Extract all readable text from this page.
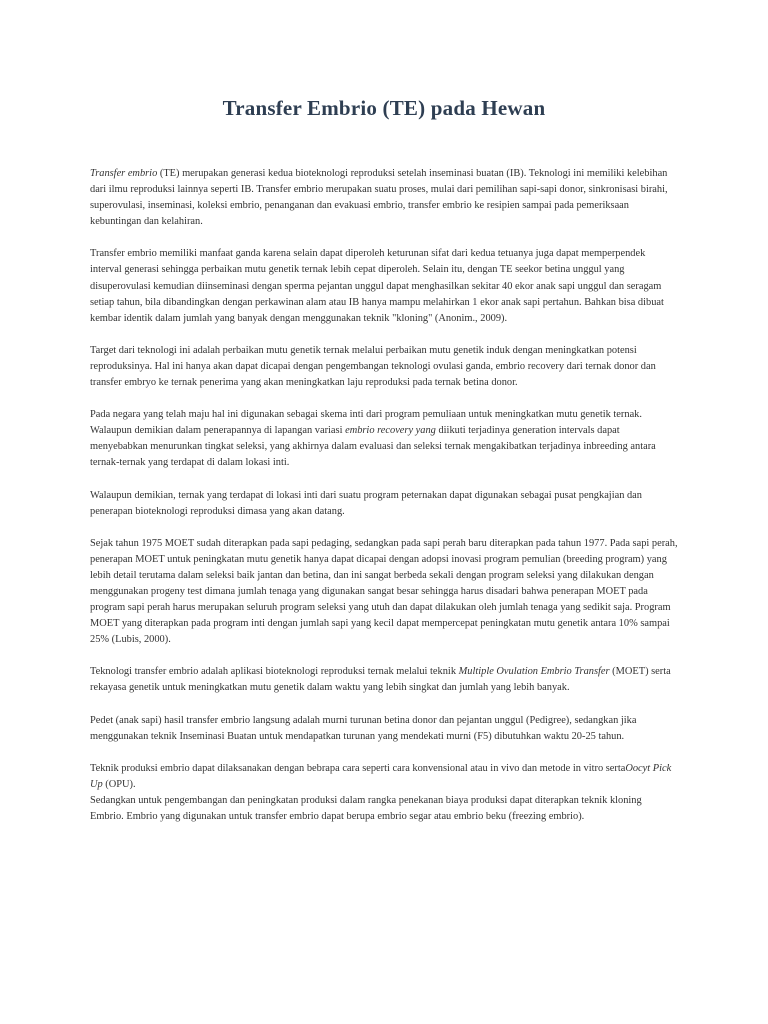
Transfer Embrio (TE) pada Hewan

Transfer embrio (TE) merupakan generasi kedua bioteknologi reproduksi setelah inseminasi buatan (IB). Teknologi ini memiliki kelebihan dari ilmu reproduksi lainnya seperti IB. Transfer embrio merupakan suatu proses, mulai dari pemilihan sapi-sapi donor, sinkronisasi birahi, superovulasi, inseminasi, koleksi embrio, penanganan dan evakuasi embrio, transfer embrio ke resipien sampai pada pemeriksaan kebuntingan dan kelahiran.

Transfer embrio memiliki manfaat ganda karena selain dapat diperoleh keturunan sifat dari kedua tetuanya juga dapat memperpendek interval generasi sehingga perbaikan mutu genetik ternak lebih cepat diperoleh. Selain itu, dengan TE seekor betina unggul yang disuperovulasi kemudian diinseminasi dengan sperma pejantan unggul dapat menghasilkan sekitar 40 ekor anak sapi unggul dan seragam setiap tahun, bila dibandingkan dengan perkawinan alam atau IB hanya mampu melahirkan 1 ekor anak sapi pertahun. Bahkan bisa dibuat kembar identik dalam jumlah yang banyak dengan menggunakan teknik "kloning" (Anonim., 2009).

Target dari teknologi ini adalah perbaikan mutu genetik ternak melalui perbaikan mutu genetik induk dengan meningkatkan potensi reproduksinya. Hal ini hanya akan dapat dicapai dengan pengembangan teknologi ovulasi ganda, embrio recovery dari ternak donor dan transfer embryo ke ternak penerima yang akan meningkatkan laju reproduksi pada ternak betina donor.

Pada negara yang telah maju hal ini digunakan sebagai skema inti dari program pemuliaan untuk meningkatkan mutu genetik ternak. Walaupun demikian dalam penerapannya di lapangan variasi embrio recovery yang diikuti terjadinya generation intervals dapat menyebabkan menurunkan tingkat seleksi, yang akhirnya dalam evaluasi dan seleksi ternak mengakibatkan terjadinya inbreeding antara ternak-ternak yang terdapat di dalam lokasi inti.

Walaupun demikian, ternak yang terdapat di lokasi inti dari suatu program peternakan dapat digunakan sebagai pusat pengkajian dan penerapan bioteknologi reproduksi dimasa yang akan datang.

Sejak tahun 1975 MOET sudah diterapkan pada sapi pedaging, sedangkan pada sapi perah baru diterapkan pada tahun 1977. Pada sapi perah, penerapan MOET untuk peningkatan mutu genetik hanya dapat dicapai dengan adopsi inovasi program pemulian (breeding program) yang lebih detail terutama dalam seleksi baik jantan dan betina, dan ini sangat berbeda sekali dengan program seleksi yang dilakukan dengan menggunakan progeny test dimana jumlah tenaga yang digunakan sangat besar sehingga harus disadari bahwa penerapan MOET pada program sapi perah harus merupakan seluruh program seleksi yang utuh dan dapat dilakukan oleh jumlah tenaga yang sedikit saja. Program MOET yang diterapkan pada program inti dengan jumlah sapi yang kecil dapat mempercepat peningkatan mutu genetik antara 10% sampai 25% (Lubis, 2000).

Teknologi transfer embrio adalah aplikasi bioteknologi reproduksi ternak melalui teknik Multiple Ovulation Embrio Transfer (MOET) serta rekayasa genetik untuk meningkatkan mutu genetik dalam waktu yang lebih singkat dan jumlah yang lebih banyak.

Pedet (anak sapi) hasil transfer embrio langsung adalah murni turunan betina donor dan pejantan unggul (Pedigree), sedangkan jika menggunakan teknik Inseminasi Buatan untuk mendapatkan turunan yang mendekati murni (F5) dibutuhkan waktu 20-25 tahun.

Teknik produksi embrio dapat dilaksanakan dengan bebrapa cara seperti cara konvensional atau in vivo dan metode in vitro sertaOocyt Pick Up (OPU).

Sedangkan untuk pengembangan dan peningkatan produksi dalam rangka penekanan biaya produksi dapat diterapkan teknik kloning Embrio. Embrio yang digunakan untuk transfer embrio dapat berupa embrio segar atau embrio beku (freezing embrio).
